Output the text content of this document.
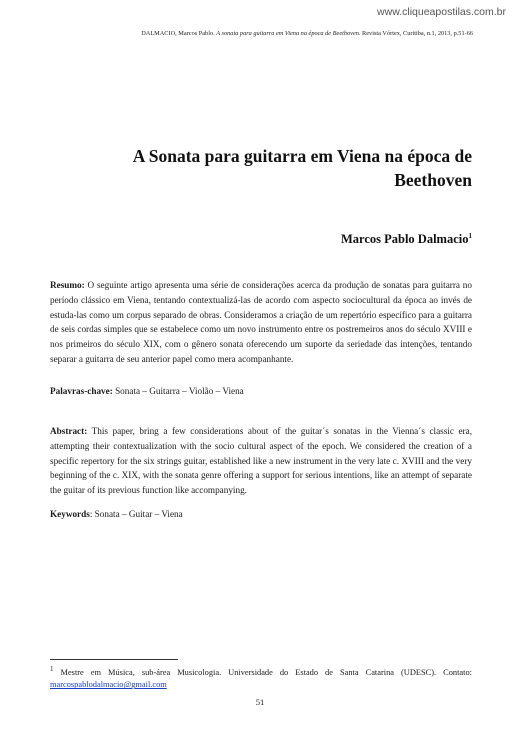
www.cliqueapostilas.com.br
DALMACIO, Marcos Pablo. A sonata para guitarra em Viena na época de Beethoven. Revista Vórtex, Curitiba, n.1, 2013, p.51-66
A Sonata para guitarra em Viena na época de Beethoven
Marcos Pablo Dalmacio$^1$
Resumo: O seguinte artigo apresenta uma série de considerações acerca da produção de sonatas para guitarra no período clássico em Viena, tentando contextualizá-las de acordo com aspecto sociocultural da época ao invés de estuda-las como um corpus separado de obras. Consideramos a criação de um repertório específico para a guitarra de seis cordas simples que se estabelece como um novo instrumento entre os postremeiros anos do século XVIII e nos primeiros do século XIX, com o gênero sonata oferecendo um suporte da seriedade das intenções, tentando separar a guitarra de seu anterior papel como mera acompanhante.
Palavras-chave: Sonata – Guitarra – Violão – Viena
Abstract: This paper, bring a few considerations about of the guitar´s sonatas in the Vienna´s classic era, attempting their contextualization with the socio cultural aspect of the epoch. We considered the creation of a specific repertory for the six strings guitar, established like a new instrument in the very late c. XVIII and the very beginning of the c. XIX, with the sonata genre offering a support for serious intentions, like an attempt of separate the guitar of its previous function like accompanying.
Keywords: Sonata – Guitar – Viena
$^1$ Mestre em Música, sub-área Musicologia. Universidade do Estado de Santa Catarina (UDESC). Contato: marcospablodalmacio@gmail.com
51
